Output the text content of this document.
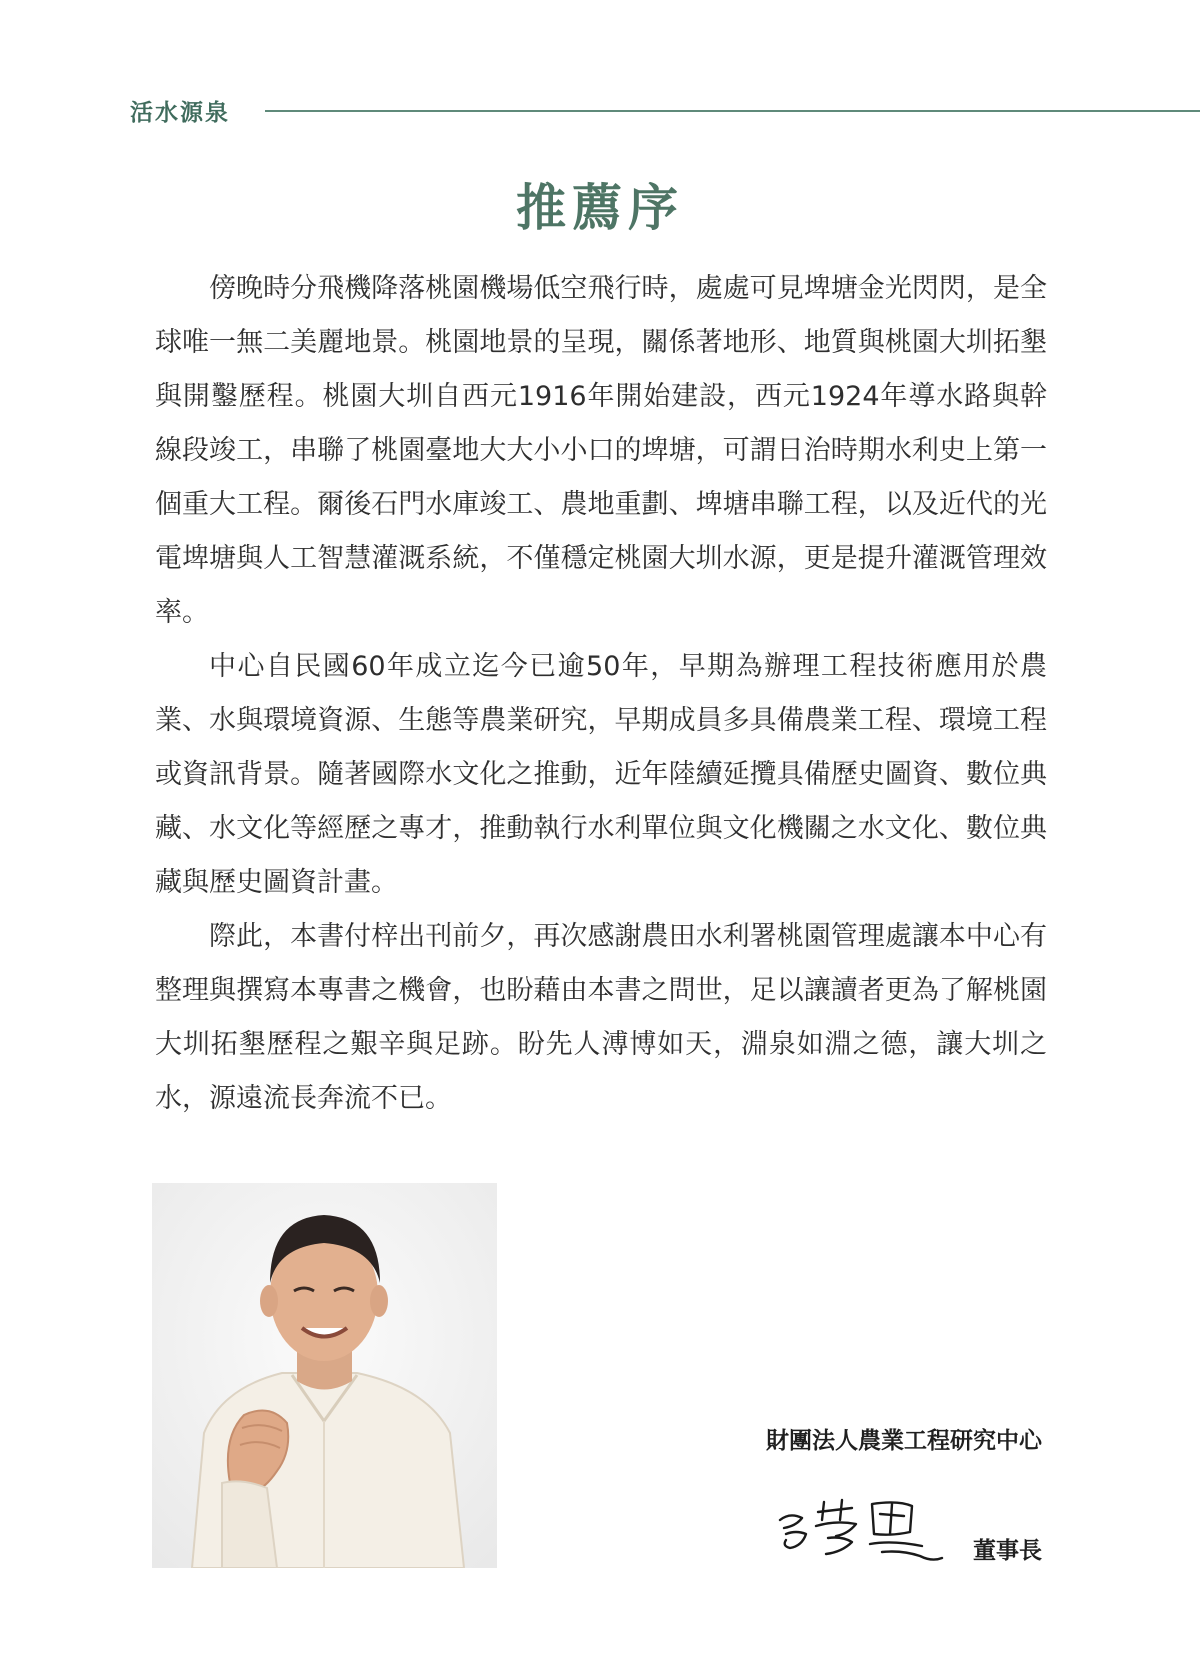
活水源泉
推薦序

傍晚時分飛機降落桃園機場低空飛行時，處處可見埤塘金光閃閃，是全球唯一無二美麗地景。桃園地景的呈現，關係著地形、地質與桃園大圳拓墾與開鑿歷程。桃園大圳自西元1916年開始建設，西元1924年導水路與幹線段竣工，串聯了桃園臺地大大小小口的埤塘，可謂日治時期水利史上第一個重大工程。爾後石門水庫竣工、農地重劃、埤塘串聯工程，以及近代的光電埤塘與人工智慧灌溉系統，不僅穩定桃園大圳水源，更是提升灌溉管理效率。

中心自民國60年成立迄今已逾50年，早期為辦理工程技術應用於農業、水與環境資源、生態等農業研究，早期成員多具備農業工程、環境工程或資訊背景。隨著國際水文化之推動，近年陸續延攬具備歷史圖資、數位典藏、水文化等經歷之專才，推動執行水利單位與文化機關之水文化、數位典藏與歷史圖資計畫。

際此，本書付梓出刊前夕，再次感謝農田水利署桃園管理處讓本中心有整理與撰寫本專書之機會，也盼藉由本書之問世，足以讓讀者更為了解桃園大圳拓墾歷程之艱辛與足跡。盼先人溥博如天，淵泉如淵之德，讓大圳之水，源遠流長奔流不已。

財團法人農業工程研究中心
董事長
